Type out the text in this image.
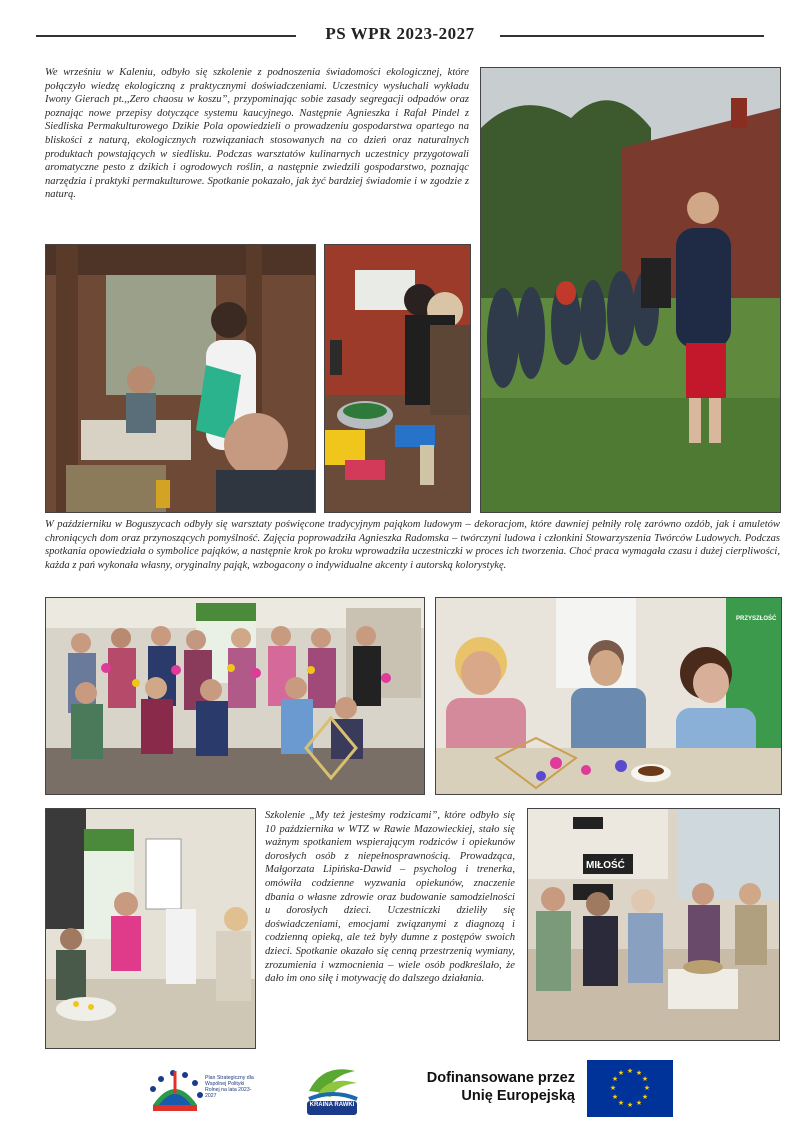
PS WPR 2023-2027
We wrześniu w Kaleniu, odbyło się szkolenie z podnoszenia świadomości ekologicznej, które połączyło wiedzę ekologiczną z praktycznymi doświadczeniami. Uczestnicy wysłuchali wykładu Iwony Gierach pt.,,Zero chaosu w koszu”, przypominając sobie zasady segregacji odpadów oraz poznając nowe przepisy dotyczące systemu kaucyjnego. Następnie Agnieszka i Rafał Pindel z Siedliska Permakulturowego Dzikie Pola opowiedzieli o prowadzeniu gospodarstwa opartego na bliskości z naturą, ekologicznych rozwiązaniach stosowanych na co dzień oraz naturalnych produktach powstających w siedlisku. Podczas warsztatów kulinarnych uczestnicy przygotowali aromatyczne pesto z dzikich i ogrodowych roślin, a następnie zwiedzili gospodarstwo, poznając narzędzia i praktyki permakulturowe. Spotkanie pokazało, jak żyć bardziej świadomie i w zgodzie z naturą.
W październiku w Boguszycach odbyły się warsztaty poświęcone tradycyjnym pająkom ludowym – dekoracjom, które dawniej pełniły rolę zarówno ozdób, jak i amuletów chroniących dom oraz przynoszących pomyślność. Zajęcia poprowadziła Agnieszka Radomska – twórczyni ludowa i członkini Stowarzyszenia Twórców Ludowych. Podczas spotkania opowiedziała o symbolice pająków, a następnie krok po kroku wprowadziła uczestniczki w proces ich tworzenia. Choć praca wymagała czasu i dużej cierpliwości, każda z pań wykonała własny, oryginalny pająk, wzbogacony o indywidualne akcenty i autorską kolorystykę.
PRZYSZŁOŚĆ
Szkolenie „My też jesteśmy rodzicami”, które odbyło się 10 października w WTZ w Rawie Mazowieckiej, stało się ważnym spotkaniem wspierającym rodziców i opiekunów dorosłych osób z niepełnosprawnością. Prowadząca, Małgorzata Lipińska-Dawid – psycholog i trenerka, omówiła codzienne wyzwania opiekunów, znaczenie dbania o własne zdrowie oraz budowanie samodzielności u dorosłych dzieci. Uczestniczki dzieliły się doświadczeniami, emocjami związanymi z diagnozą i codzienną opieką, ale też były dumne z postępów swoich dzieci. Spotkanie okazało się cenną przestrzenią wymiany, zrozumienia i wzmocnienia – wiele osób podkreślało, że dało im ono siłę i motywację do dalszego działania.
MIŁOŚĆ
Plan Strategiczny dla Wspólnej Polityki Rolnej na lata 2023-2027
KRAINA RAWKI
Dofinansowane przez Unię Europejską
★ ★
★
★
★
★
★
★
★
★
★
★
